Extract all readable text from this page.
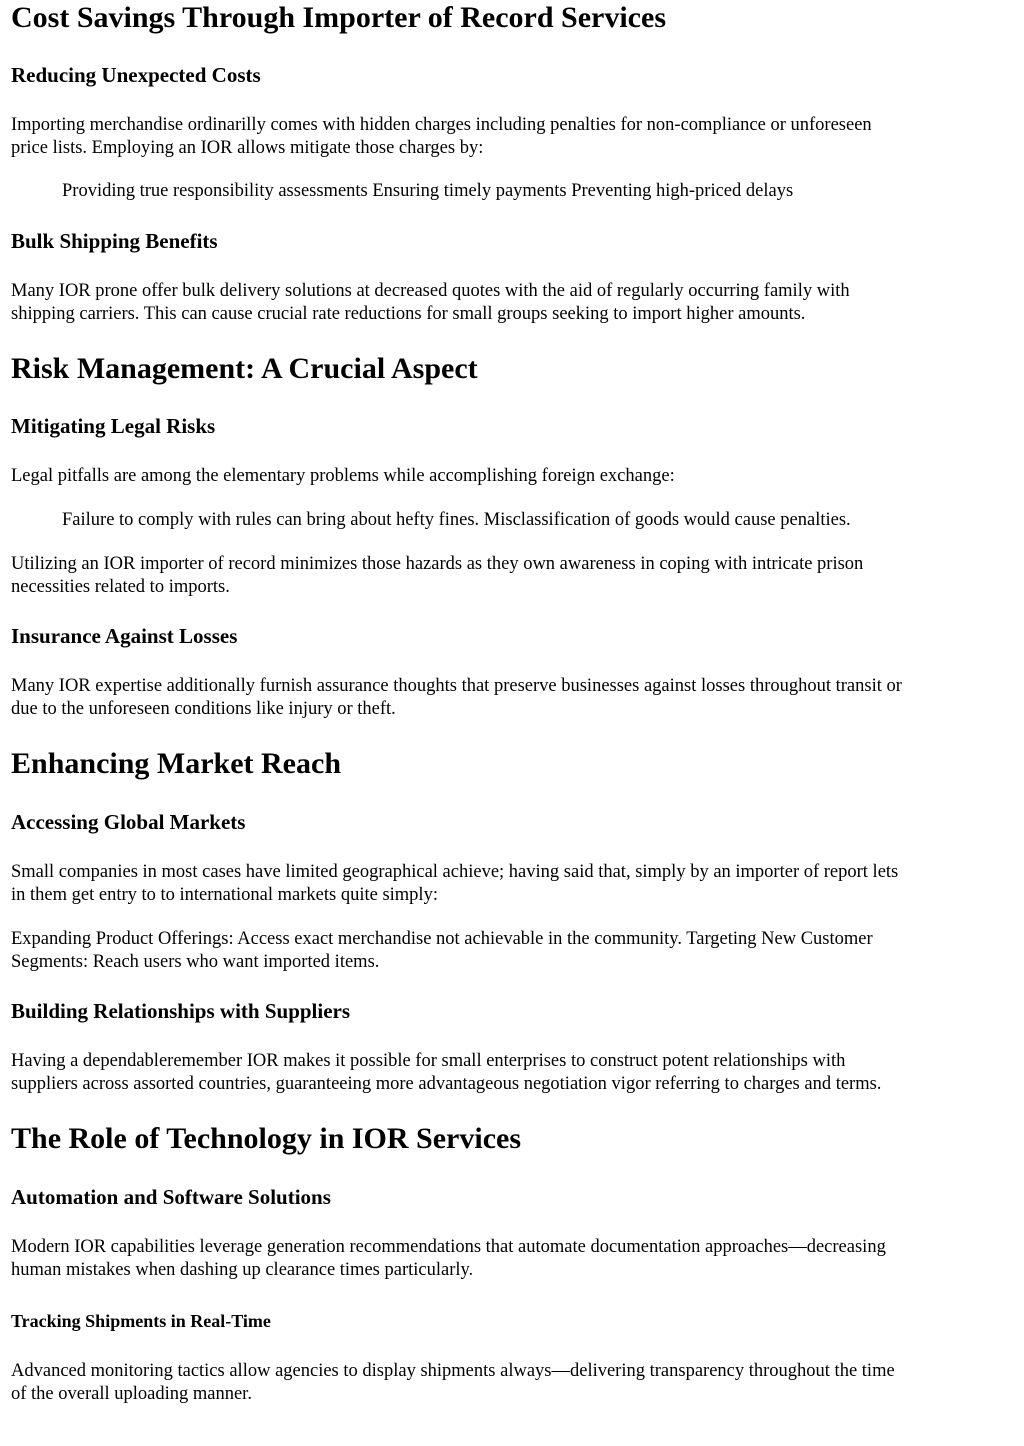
Cost Savings Through Importer of Record Services
Reducing Unexpected Costs

Importing merchandise ordinarilly comes with hidden charges including penalties for non-compliance or unforeseen
price lists. Employing an IOR allows mitigate those charges by:

Providing true responsibility assessments Ensuring timely payments Preventing high-priced delays

Bulk Shipping Benefits

Many IOR prone offer bulk delivery solutions at decreased quotes with the aid of regularly occurring family with
shipping carriers. This can cause crucial rate reductions for small groups seeking to import higher amounts.

Risk Management: A Crucial Aspect
Mitigating Legal Risks

Legal pitfalls are among the elementary problems while accomplishing foreign exchange:

Failure to comply with rules can bring about hefty fines. Misclassification of goods would cause penalties.

Utilizing an IOR importer of record minimizes those hazards as they own awareness in coping with intricate prison
necessities related to imports.

Insurance Against Losses

Many IOR expertise additionally furnish assurance thoughts that preserve businesses against losses throughout transit or
due to the unforeseen conditions like injury or theft.

Enhancing Market Reach
Accessing Global Markets

Small companies in most cases have limited geographical achieve; having said that, simply by an importer of report lets
in them get entry to to international markets quite simply:

Expanding Product Offerings: Access exact merchandise not achievable in the community. Targeting New Customer
Segments: Reach users who want imported items.

Building Relationships with Suppliers

Having a dependableremember IOR makes it possible for small enterprises to construct potent relationships with
suppliers across assorted countries, guaranteeing more advantageous negotiation vigor referring to charges and terms.

The Role of Technology in IOR Services
Automation and Software Solutions

Modern IOR capabilities leverage generation recommendations that automate documentation approaches—decreasing
human mistakes when dashing up clearance times particularly.

Tracking Shipments in Real-Time

Advanced monitoring tactics allow agencies to display shipments always—delivering transparency throughout the time
of the overall uploading manner.
